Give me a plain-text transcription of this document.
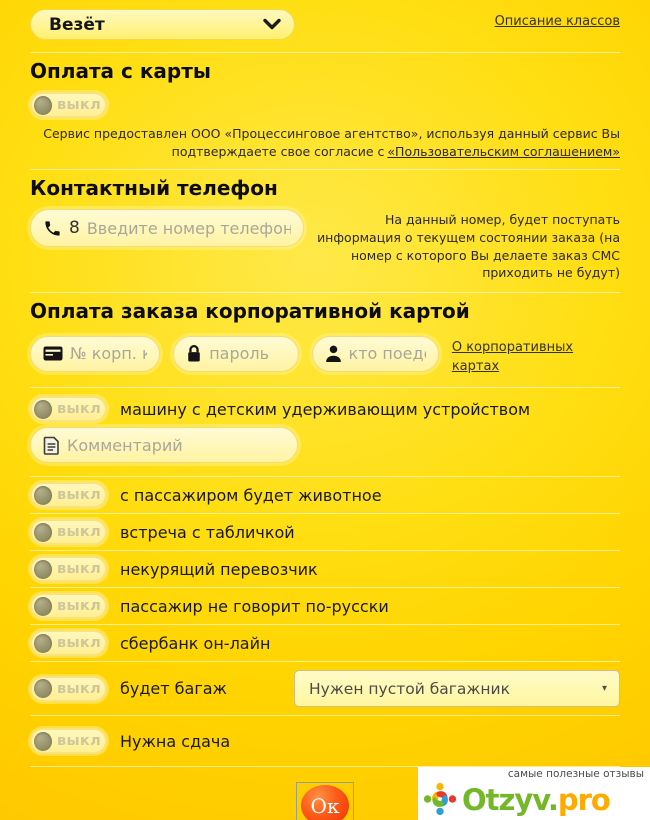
Везёт	Описание классов
Оплата с карты
выкл

Сервис предоставлен ООО «Процессинговое агентство», используя данный сервис Вы подтверждаете свое согласие с «Пользовательским соглашением»

Контактный телефон
8
Введите номер телефона	На данный номер, будет поступать информация о текущем состоянии заказа (на номер с которого Вы делаете заказ СМС приходить не будут)
Оплата заказа корпоративной картой
№ корп. карты
кто поедет
О корпоративных картах
выкл машину с детским удерживающим устройством
Комментарий
выкл с пассажиром будет животное
выкл встреча с табличкой
выкл некурящий перевозчик
выкл пассажир не говорит по-русски
выкл сбербанк он-лайн
выкл будет багаж	Нужен пустой багажник	▾
выкл Нужна сдача
Ок
самые полезные отзывы
Otzyv.pro
